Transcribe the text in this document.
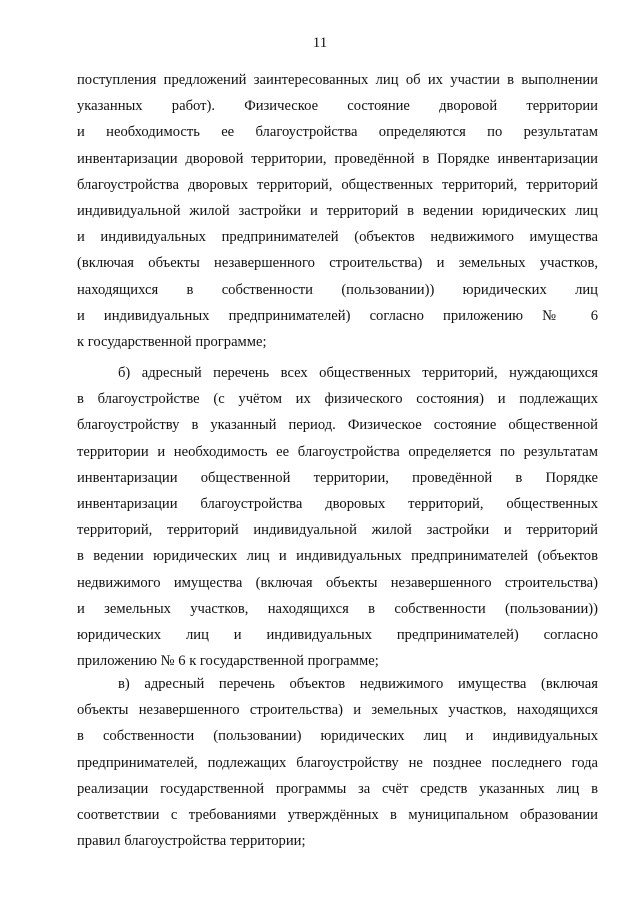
11
поступления предложений заинтересованных лиц об их участии в выполнении
указанных работ). Физическое состояние дворовой территории
и необходимость ее благоустройства определяются по результатам
инвентаризации дворовой территории, проведённой в Порядке инвентаризации
благоустройства дворовых территорий, общественных территорий, территорий
индивидуальной жилой застройки и территорий в ведении юридических лиц
и индивидуальных предпринимателей (объектов недвижимого имущества
(включая объекты незавершенного строительства) и земельных участков,
находящихся в собственности (пользовании)) юридических лиц
и индивидуальных предпринимателей) согласно приложению № 6
к государственной программе;
б) адресный перечень всех общественных территорий, нуждающихся
в благоустройстве (с учётом их физического состояния) и подлежащих
благоустройству в указанный период. Физическое состояние общественной
территории и необходимость ее благоустройства определяется по результатам
инвентаризации общественной территории, проведённой в Порядке
инвентаризации благоустройства дворовых территорий, общественных
территорий, территорий индивидуальной жилой застройки и территорий
в ведении юридических лиц и индивидуальных предпринимателей (объектов
недвижимого имущества (включая объекты незавершенного строительства)
и земельных участков, находящихся в собственности (пользовании))
юридических лиц и индивидуальных предпринимателей) согласно
приложению № 6 к государственной программе;
в) адресный перечень объектов недвижимого имущества (включая
объекты незавершенного строительства) и земельных участков, находящихся
в собственности (пользовании) юридических лиц и индивидуальных
предпринимателей, подлежащих благоустройству не позднее последнего года
реализации государственной программы за счёт средств указанных лиц в
соответствии с требованиями утверждённых в муниципальном образовании
правил благоустройства территории;
